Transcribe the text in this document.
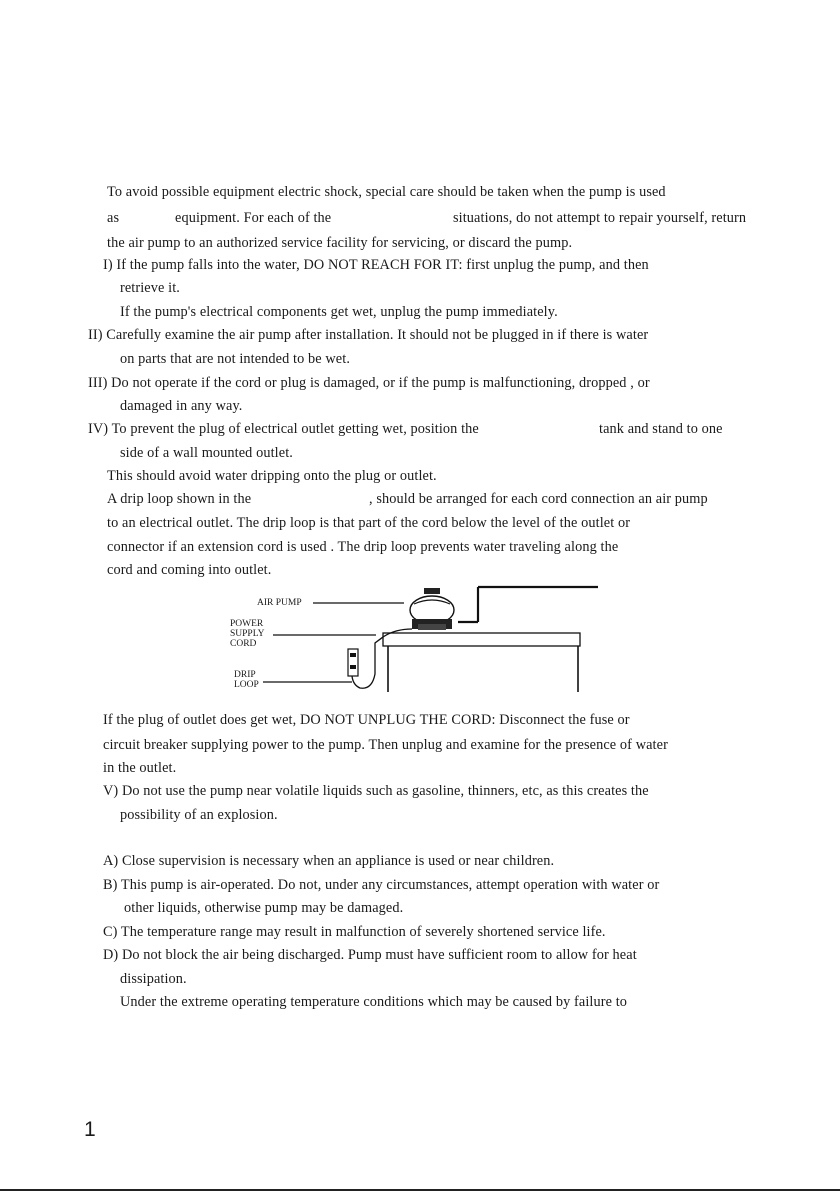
To avoid possible equipment electric shock, special care should be taken when the pump is used
as	equipment. For each of the	situations, do not attempt to repair yourself, return
the air pump to an authorized service facility for servicing, or discard the pump.
I) If the pump falls into the water, DO NOT REACH FOR IT: first unplug the pump, and then
retrieve it.
If the pump's electrical components get wet, unplug the pump immediately.
II) Carefully examine the air pump after installation. It should not be plugged in if there is water
on parts that are not intended to be wet.
III) Do not operate if the cord or plug is damaged, or if the pump is malfunctioning, dropped , or
damaged in any way.
IV) To prevent the plug of electrical outlet getting wet, position the	tank and stand to one
side of a wall mounted outlet.
This should avoid water dripping onto the plug or outlet.
A drip loop shown in the	, should be arranged for each cord connection an air pump
to an electrical outlet. The drip loop is that part of the cord below the level of the outlet or
connector if an extension cord is used . The drip loop prevents water traveling along the
cord and coming into outlet.
AIR PUMP
POWER
SUPPLY
CORD
DRIP
LOOP
If the plug of outlet does get wet, DO NOT UNPLUG THE CORD: Disconnect the fuse or
circuit breaker supplying power to the pump. Then unplug and examine for the presence of water
in the outlet.
V) Do not use the pump near volatile liquids such as gasoline, thinners, etc, as this creates the
possibility of an explosion.
A) Close supervision is necessary when an appliance is used or near children.
B) This pump is air-operated. Do not, under any circumstances, attempt operation with water or
other liquids, otherwise pump may be damaged.
C) The temperature range may result in malfunction of severely shortened service life.
D) Do not block the air being discharged. Pump must have sufficient room to allow for heat
dissipation.
Under the extreme operating temperature conditions which may be caused by failure to
1
